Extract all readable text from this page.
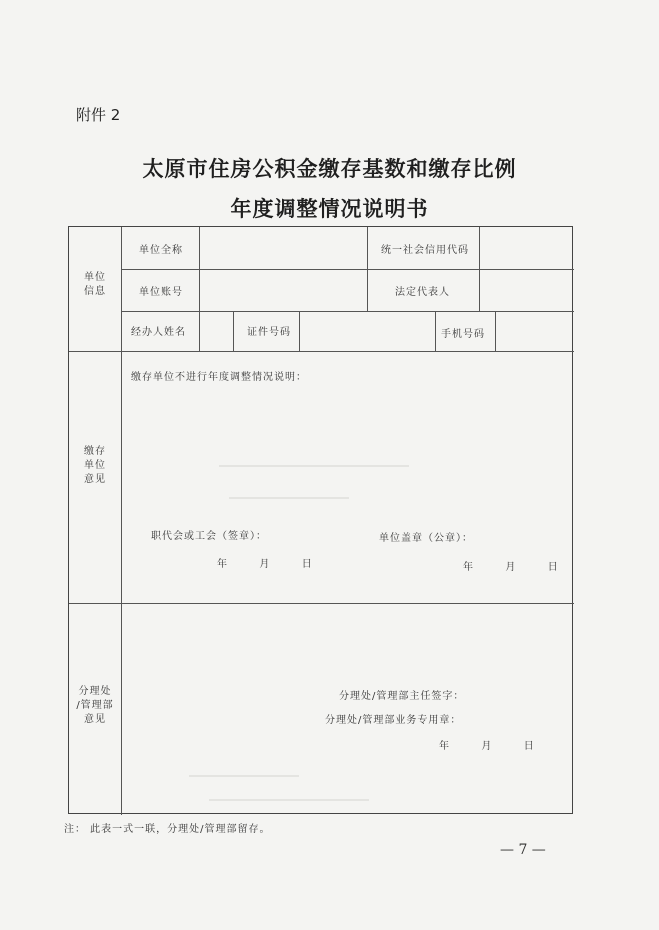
附件 2
太原市住房公积金缴存基数和缴存比例
年度调整情况说明书
单位
信息
单位全称	统一社会信用代码
单位账号	法定代表人
经办人姓名	证件号码	手机号码
缴存
单位
意见
缴存单位不进行年度调整情况说明：
职代会或工会（签章）：	单位盖章（公章）：
年	月	日	年	月	日
分理处
/管理部
意见
分理处/管理部主任签字：
分理处/管理部业务专用章：
年	月	日
注： 此表一式一联，分理处/管理部留存。
— 7 —
